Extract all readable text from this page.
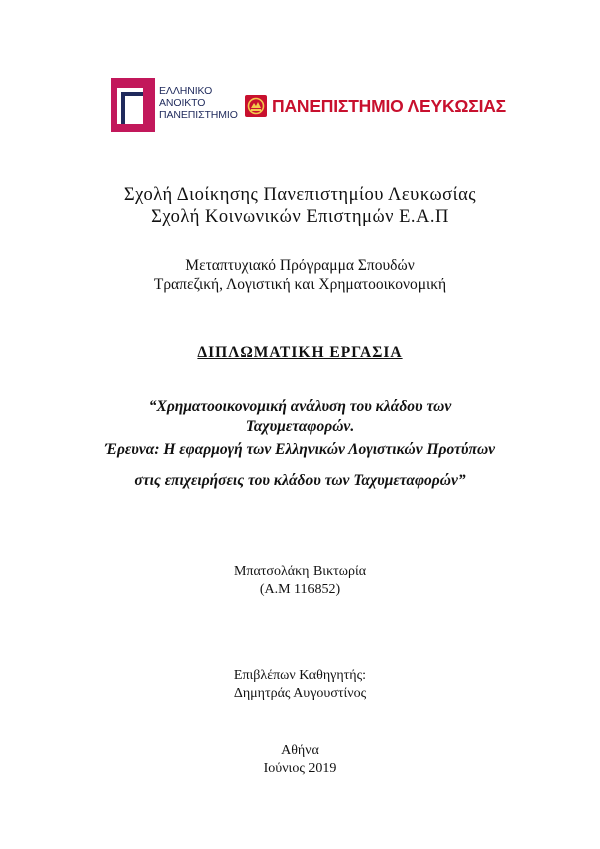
ΕΛΛΗΝΙΚΟ
ΑΝΟΙΚΤΟ
ΠΑΝΕΠΙΣΤΗΜΙΟ ΠΑΝΕΠΙΣΤΗΜΙΟ ΛΕΥΚΩΣΙΑΣ
Σχολή Διοίκησης Πανεπιστημίου Λευκωσίας
Σχολή Κοινωνικών Επιστημών Ε.Α.Π
Μεταπτυχιακό Πρόγραμμα Σπουδών
Τραπεζική, Λογιστική και Χρηματοοικονομική
ΔΙΠΛΩΜΑΤΙΚΗ ΕΡΓΑΣΙΑ
“Χρηματοοικονομική ανάλυση του κλάδου των
Ταχυμεταφορών.
Έρευνα: Η εφαρμογή των Ελληνικών Λογιστικών Προτύπων
στις επιχειρήσεις του κλάδου των Ταχυμεταφορών”
Μπατσολάκη Βικτωρία
(Α.Μ 116852)
Επιβλέπων Καθηγητής:
Δημητράς Αυγουστίνος
Αθήνα
Ιούνιος 2019
